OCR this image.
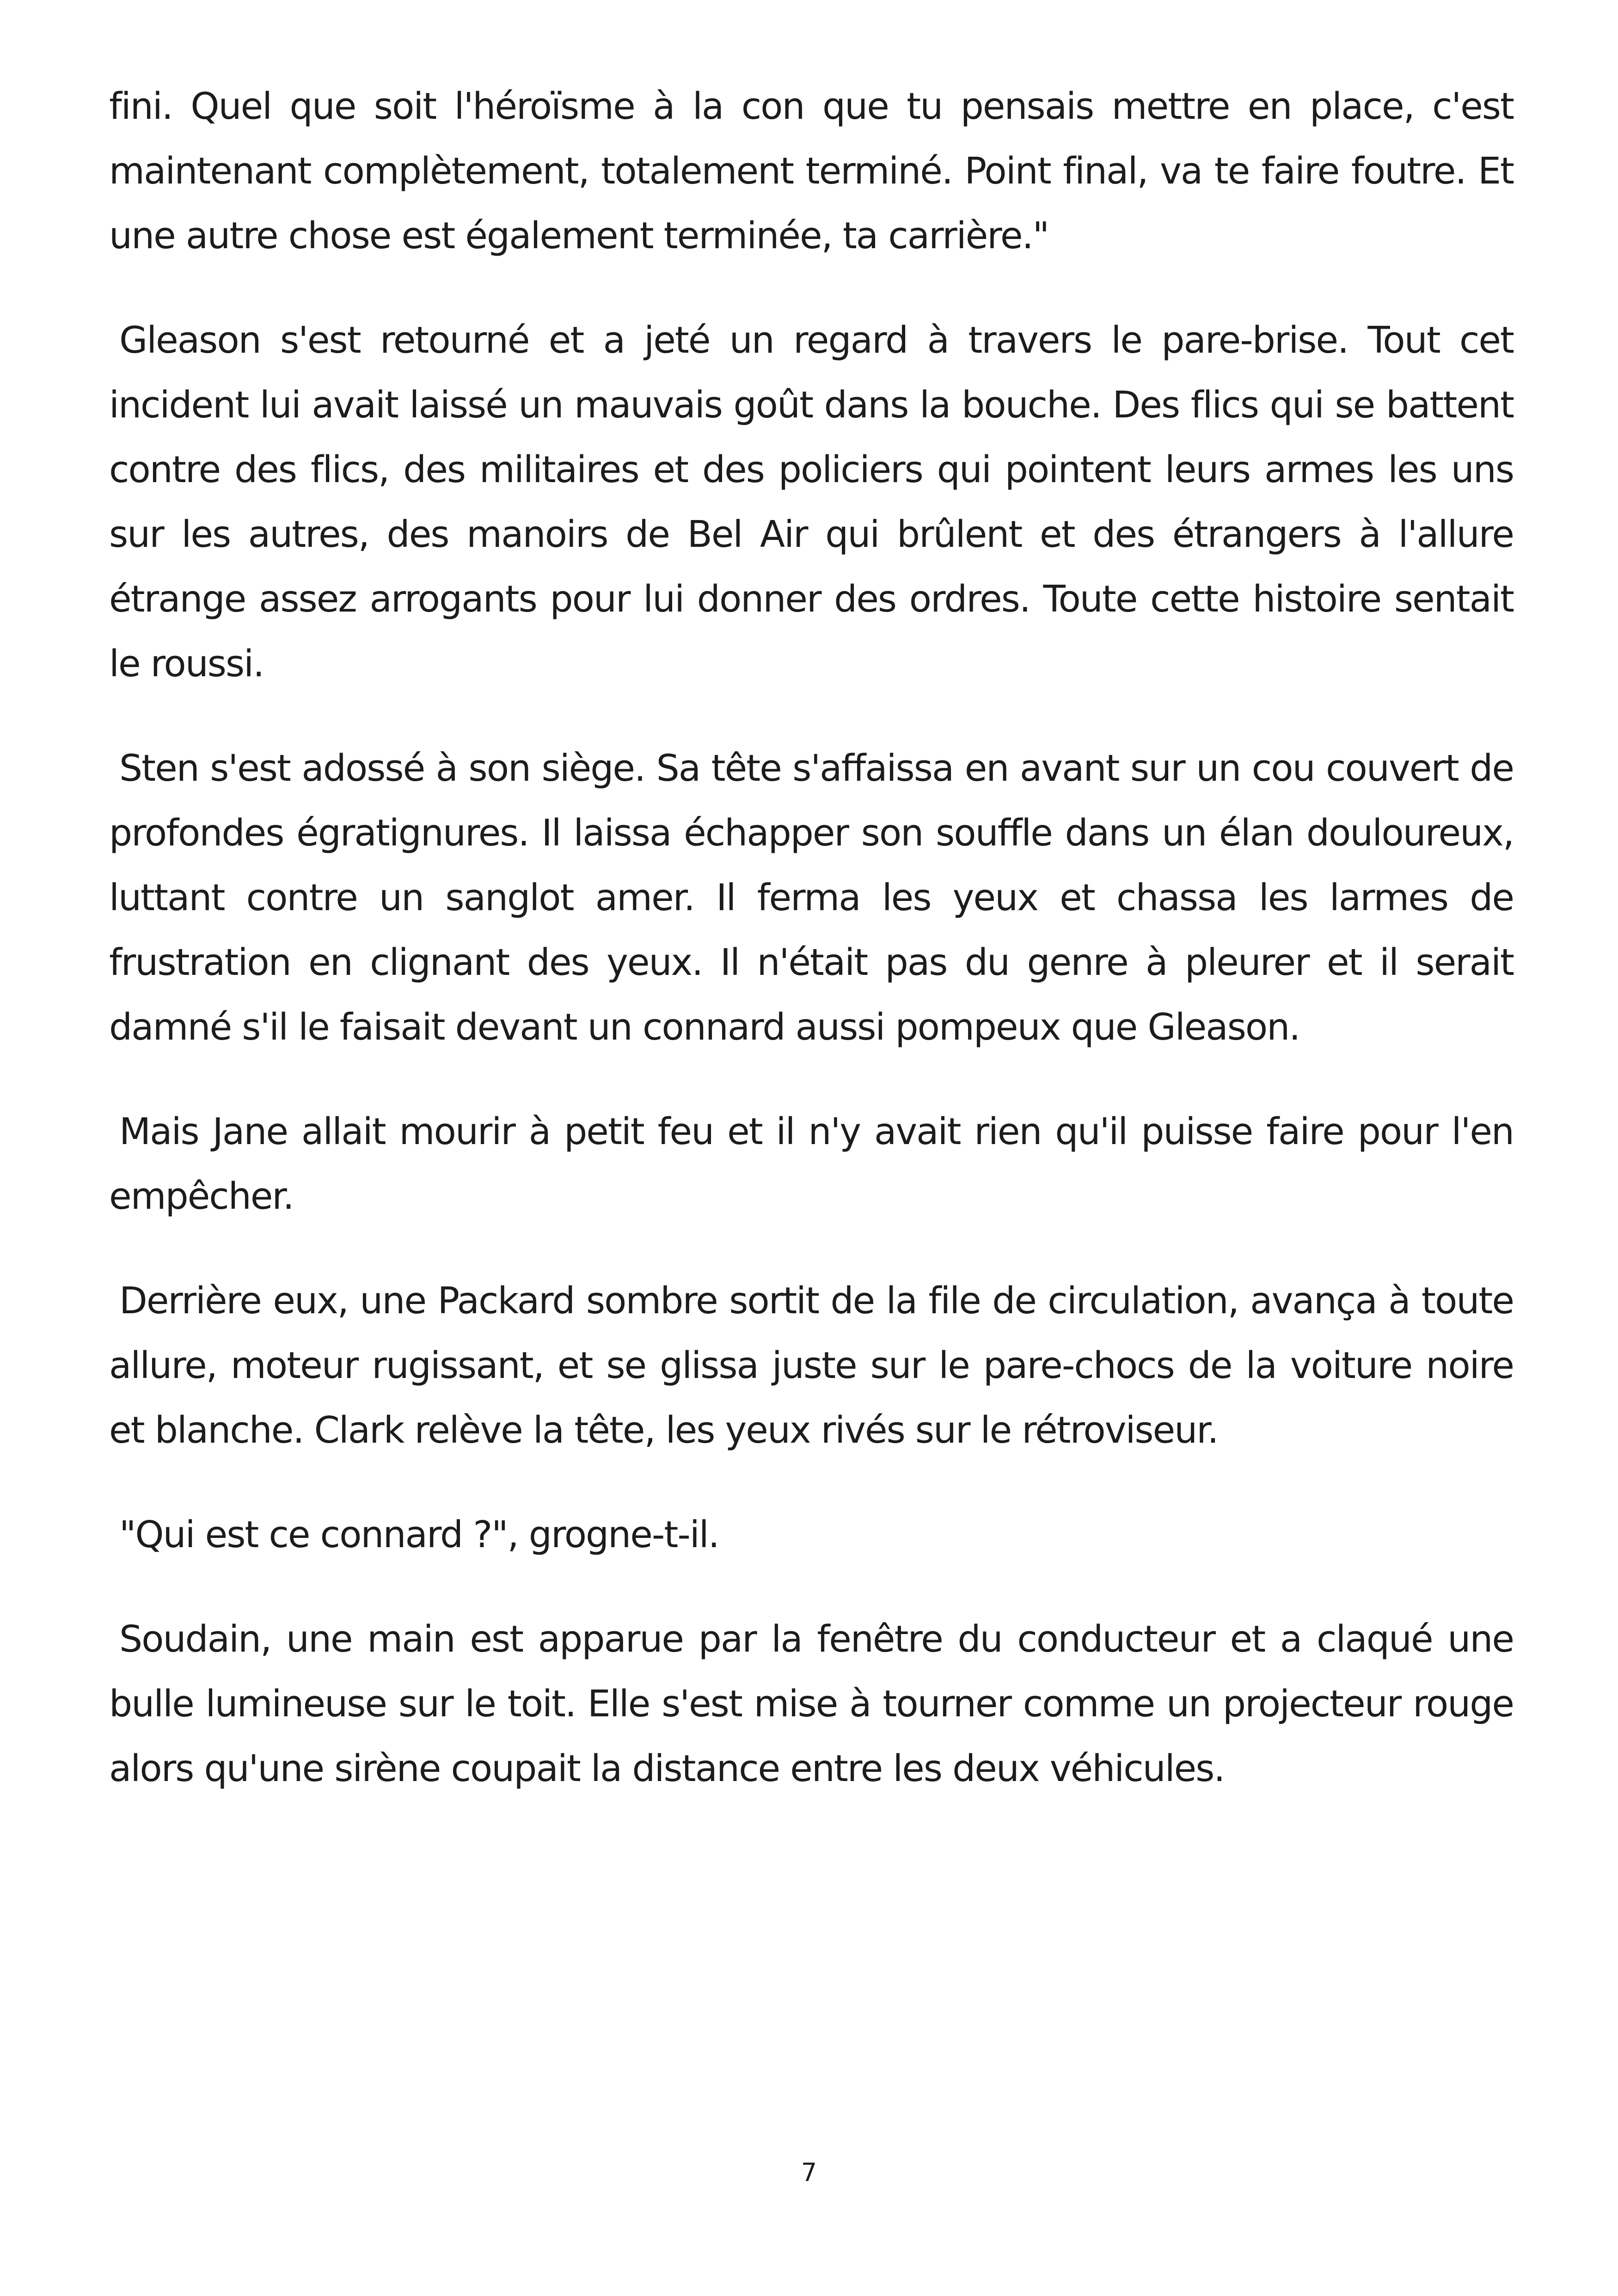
fini. Quel que soit l'héroïsme à la con que tu pensais mettre en place, c'est maintenant complètement, totalement terminé. Point final, va te faire foutre. Et une autre chose est également terminée, ta carrière."

Gleason s'est retourné et a jeté un regard à travers le pare-brise. Tout cet incident lui avait laissé un mauvais goût dans la bouche. Des flics qui se battent contre des flics, des militaires et des policiers qui pointent leurs armes les uns sur les autres, des manoirs de Bel Air qui brûlent et des étrangers à l'allure étrange assez arrogants pour lui donner des ordres. Toute cette histoire sentait le roussi.

Sten s'est adossé à son siège. Sa tête s'affaissa en avant sur un cou couvert de profondes égratignures. Il laissa échapper son souffle dans un élan douloureux, luttant contre un sanglot amer. Il ferma les yeux et chassa les larmes de frustration en clignant des yeux. Il n'était pas du genre à pleurer et il serait damné s'il le faisait devant un connard aussi pompeux que Gleason.

Mais Jane allait mourir à petit feu et il n'y avait rien qu'il puisse faire pour l'en empêcher.

Derrière eux, une Packard sombre sortit de la file de circulation, avança à toute allure, moteur rugissant, et se glissa juste sur le pare-chocs de la voiture noire et blanche. Clark relève la tête, les yeux rivés sur le rétroviseur.

"Qui est ce connard ?", grogne-t-il.

Soudain, une main est apparue par la fenêtre du conducteur et a claqué une bulle lumineuse sur le toit. Elle s'est mise à tourner comme un projecteur rouge alors qu'une sirène coupait la distance entre les deux véhicules.

7
